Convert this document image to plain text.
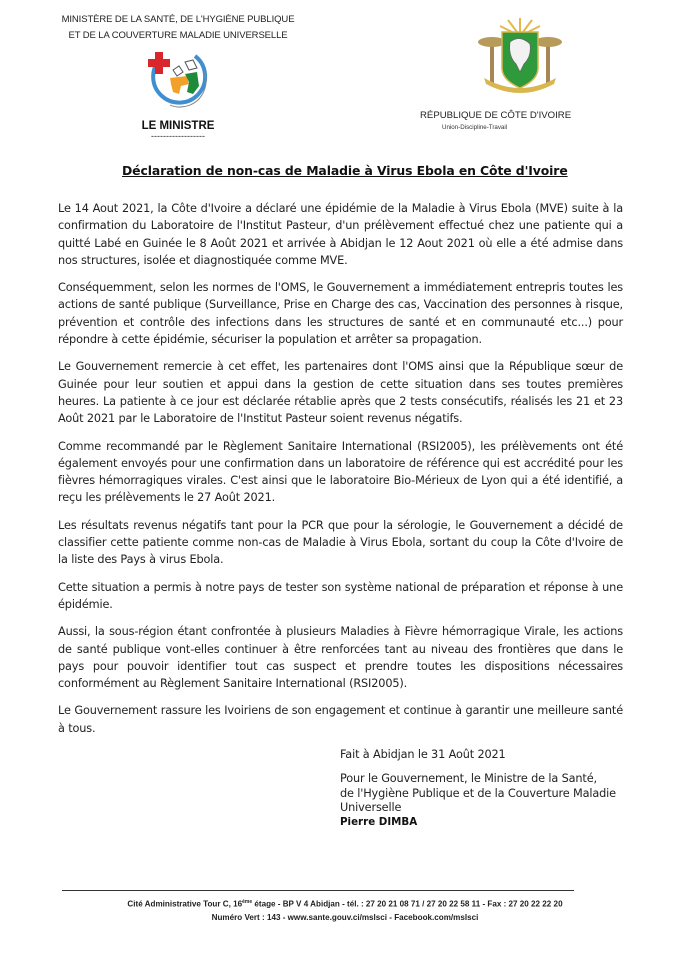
MINISTÈRE DE LA SANTÉ, DE L'HYGIÈNE PUBLIQUE
ET DE LA COUVERTURE MALADIE UNIVERSELLE
LE MINISTRE
------------------
RÉPUBLIQUE DE CÔTE D'IVOIRE
Union-Discipline-Travail
Déclaration de non-cas de Maladie à Virus Ebola en Côte d'Ivoire

Le 14 Aout 2021, la Côte d'Ivoire a déclaré une épidémie de la Maladie à Virus Ebola (MVE) suite à la confirmation du Laboratoire de l'Institut Pasteur, d'un prélèvement effectué chez une patiente qui a quitté Labé en Guinée le 8 Août 2021 et arrivée à Abidjan le 12 Aout 2021 où elle a été admise dans nos structures, isolée et diagnostiquée comme MVE.

Conséquemment, selon les normes de l'OMS, le Gouvernement a immédiatement entrepris toutes les actions de santé publique (Surveillance, Prise en Charge des cas, Vaccination des personnes à risque, prévention et contrôle des infections dans les structures de santé et en communauté etc...) pour répondre à cette épidémie, sécuriser la population et arrêter sa propagation.

Le Gouvernement remercie à cet effet, les partenaires dont l'OMS ainsi que la République sœur de Guinée pour leur soutien et appui dans la gestion de cette situation dans ses toutes premières heures. La patiente à ce jour est déclarée rétablie après que 2 tests consécutifs, réalisés les 21 et 23 Août 2021 par le Laboratoire de l'Institut Pasteur soient revenus négatifs.

Comme recommandé par le Règlement Sanitaire International (RSI2005), les prélèvements ont été également envoyés pour une confirmation dans un laboratoire de référence qui est accrédité pour les fièvres hémorragiques virales. C'est ainsi que le laboratoire Bio-Mérieux de Lyon qui a été identifié, a reçu les prélèvements le 27 Août 2021.

Les résultats revenus négatifs tant pour la PCR que pour la sérologie, le Gouvernement a décidé de classifier cette patiente comme non-cas de Maladie à Virus Ebola, sortant du coup la Côte d'Ivoire de la liste des Pays à virus Ebola.

Cette situation a permis à notre pays de tester son système national de préparation et réponse à une épidémie.

Aussi, la sous-région étant confrontée à plusieurs Maladies à Fièvre hémorragique Virale, les actions de santé publique vont-elles continuer à être renforcées tant au niveau des frontières que dans le pays pour pouvoir identifier tout cas suspect et prendre toutes les dispositions nécessaires conformément au Règlement Sanitaire International (RSI2005).

Le Gouvernement rassure les Ivoiriens de son engagement et continue à garantir une meilleure santé à tous.

Fait à Abidjan le 31 Août 2021
Pour le Gouvernement, le Ministre de la Santé,
de l'Hygiène Publique et de la Couverture Maladie
Universelle
Pierre DIMBA
Cité Administrative Tour C, 16ème étage - BP V 4 Abidjan - tél. : 27 20 21 08 71 / 27 20 22 58 11 - Fax : 27 20 22 22 20
Numéro Vert : 143 - www.sante.gouv.ci/mslsci - Facebook.com/mslsci
